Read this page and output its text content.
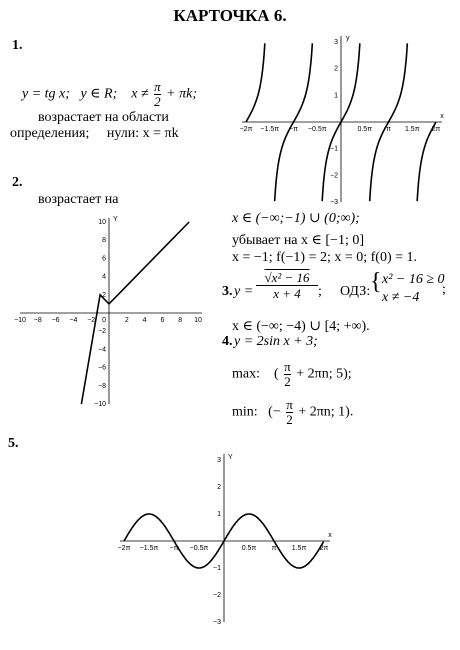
КАРТОЧКА 6.
1.
y = tg x; y ∈ R; $x \ne \frac{\pi}{2} + \pi k$;
возрастает на области
определения; нули: x = πk
x
y
−2π −1.5π −π −0.5π	0.5π π 1.5π 2π
3
2
1
−1
−2
−3
2.
возрастает на
Y
−10 −8 −6 −4 −2	2 4 6 8 10
0
10
8
6
4
2
−2
−4
−6
−8
−10
x ∈ (−∞;−1) ∪ (0;∞);
убывает на x ∈ [−1; 0]
x = −1; f(−1) = 2; x = 0; f(0) = 1.
3. $y = \frac{\text{√x² − 16}}{x + 4}$ ; ОДЗ: { x² − 16 ≥ 0
x ≠ −4
;
x ∈ (−∞; −4) ∪ [4; +∞).
4. y = 2sin x + 3;
max: ( $\frac{\pi}{2} + 2\pi n$; 5);
min: (− $\frac{\pi}{2} + 2\pi n$; 1).
5.
x
Y
−2π −1.5π −π −0.5π	0.5π π 1.5π 2π
3
2
1
−1
−2
−3
